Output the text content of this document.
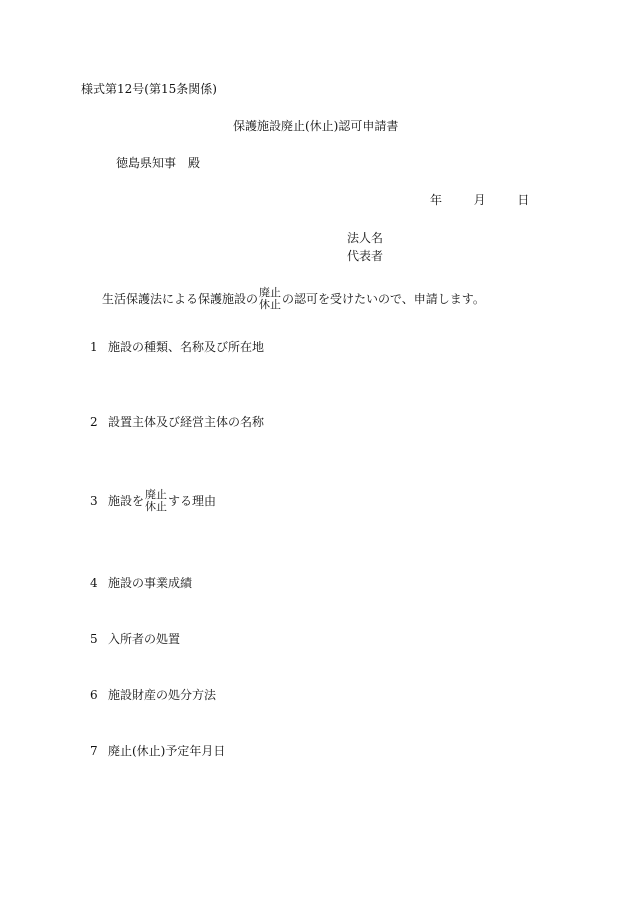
様式第12号(第15条関係)
保護施設廃止(休止)認可申請書
徳島県知事　殿
年	月	日
法人名
代表者
生活保護法による保護施設の 廃止
休止 の認可を受けたいので、申請します。
1 施設の種類、名称及び所在地
2 設置主体及び経営主体の名称
3 施設を 廃止
休止 する理由
4 施設の事業成績
5 入所者の処置
6 施設財産の処分方法
7 廃止(休止)予定年月日
